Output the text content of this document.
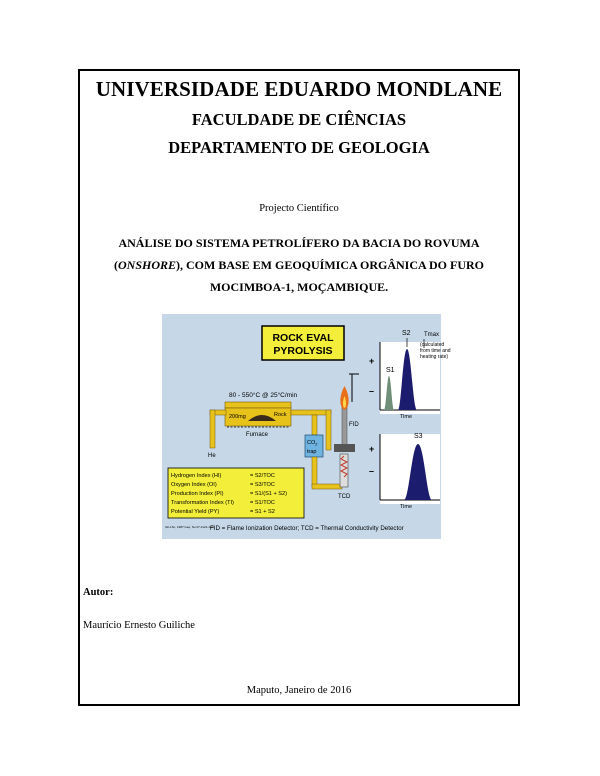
UNIVERSIDADE EDUARDO MONDLANE
FACULDADE DE CIÊNCIAS
DEPARTAMENTO DE GEOLOGIA
Projecto Científico
ANÁLISE DO SISTEMA PETROLÍFERO DA BACIA DO ROVUMA
(ONSHORE), COM BASE EM GEOQUÍMICA ORGÂNICA DO FURO
MOCIMBOA-1, MOÇAMBIQUE.
ROCK EVAL
PYROLYSIS
80 - 550°C @ 25°C/min
200mg	Rock
Furnace
He
$CO_2$
trap
FID
+
–
TCD
+
–
S1
S2 Tmax
(calculated
from time and
heating rate)
Time
S3
Time
Hydrogen Index (HI)	= S2/TOC
Oxygen Index (OI)	= S3/TOC
Production Index (PI)	= S1/(S1 + S2)
Transformation Index (TI)	= S1/TOC
Potential Yield (PY)	= S1 + S2
IGI-LSL, 1987 Geq. No 07-1121-1(w)
FID = Flame Ionization Detector; TCD = Thermal Conductivity Detector
Autor:
Maurício Ernesto Guiliche
Maputo, Janeiro de 2016
